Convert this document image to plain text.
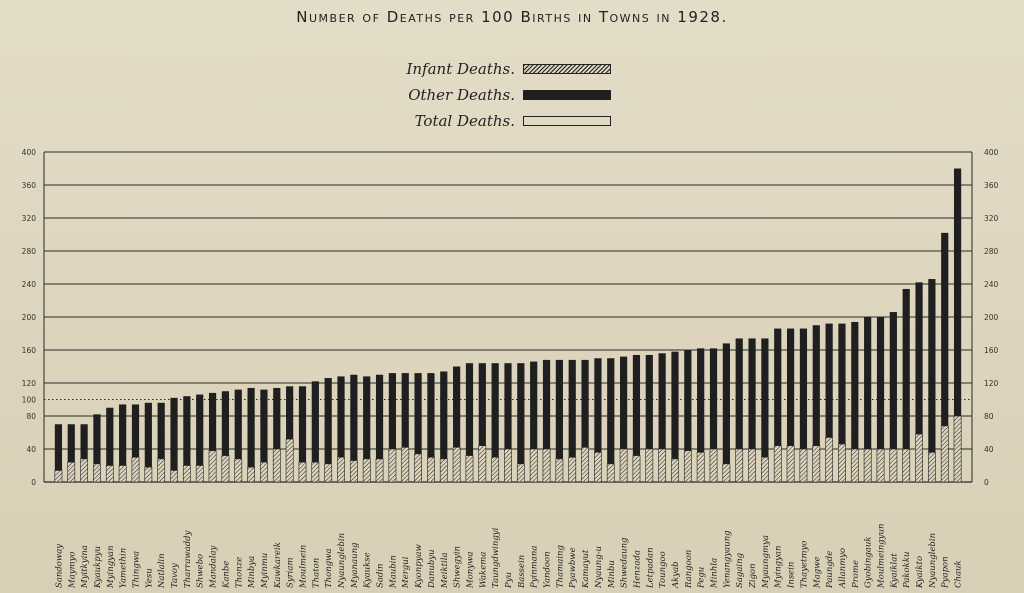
Number of Deaths per 100 Births in Towns in 1928.
Infant Deaths.
Other Deaths.
Total Deaths.
0
40
80
100
120
160
200
240
280
320
360
400
0
40
80
120
160
200
240
280
320
360
400
Sandoway Maymyo Myitkyina Kyaukpyu Myingyan Yamethin Thingwa Yesu Natlalin Tavoy Tharrawaddy Shwebo Mandalay Kanbe Thonze Minbya Myinmu Kawkareik Syriam Moulmein Thaton Thongwa Nyaunglebin Myanaung Kyaukse Sadin Maubin Mergui Kyonpyaw Danubyu Meiktila Shwegyin Monywa Wakema Taungdwingyi Pyu Bassein Pyinmana Yandoon Thamaing Pyawbwe Kamayut Nyaung-u Minbu Shwedaung Henzada Letpadan Toungoo Akyab Rangoon Pegu Minhla Yenangyaung Sagaing Zigon Myaungmya Myingyan Insein Thayetmyo Magwe Paungde Allanmyo Prome Gyobingauk Moulmeingyun Kyaiklat Pakokku Kyaikto Nyaunglebin Pyapon Chauk
